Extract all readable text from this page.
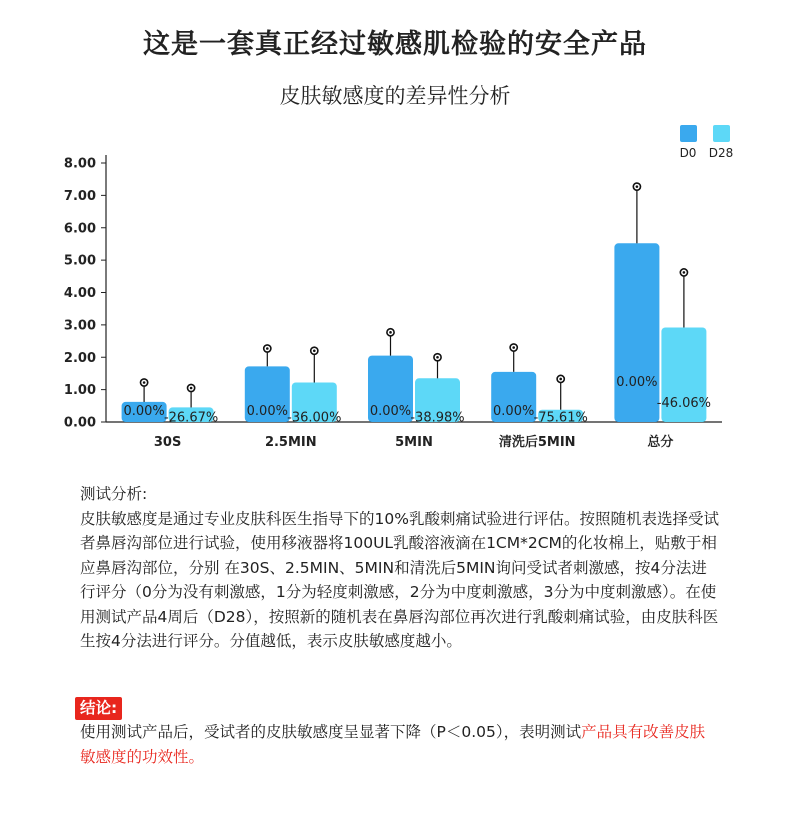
这是一套真正经过敏感肌检验的安全产品
皮肤敏感度的差异性分析
0.00
1.00
2.00
3.00
4.00
5.00
6.00
7.00
8.00
D0 D28
30S
0.00% -26.67%
2.5MIN
0.00% -36.00%
5MIN
0.00% -38.98%
清洗后5MIN
0.00% -75.61%
总分
0.00%
-46.06%
测试分析:
皮肤敏感度是通过专业皮肤科医生指导下的10%乳酸刺痛试验进行评估。按照随机表选择受试者鼻唇沟部位进行试验，使用移液器将100UL乳酸溶液滴在1CM*2CM的化妆棉上，贴敷于相应鼻唇沟部位，分别 在30S、2.5MIN、5MIN和清洗后5MIN询问受试者刺激感，按4分法进行评分（0分为没有刺激感，1分为轻度刺激感，2分为中度刺激感，3分为中度刺激感）。在使用测试产品4周后（D28），按照新的随机表在鼻唇沟部位再次进行乳酸刺痛试验，由皮肤科医生按4分法进行评分。分值越低，表示皮肤敏感度越小。
结论:
使用测试产品后，受试者的皮肤敏感度呈显著下降（P＜0.05），表明测试产品具有改善皮肤敏感度的功效性。
